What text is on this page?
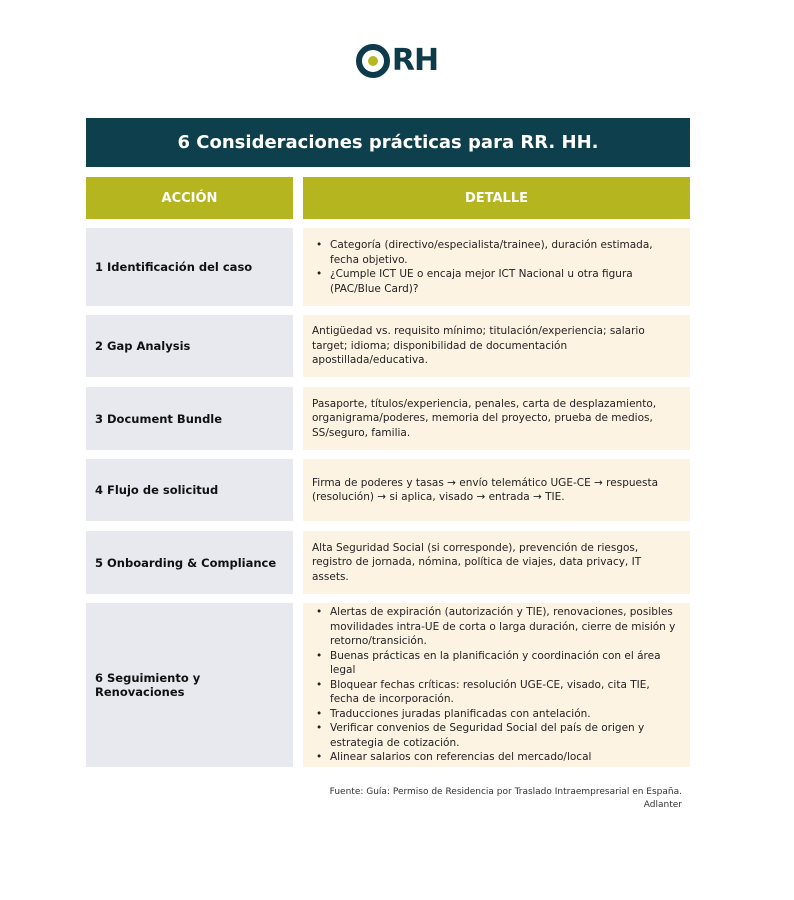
RH
6 Consideraciones prácticas para RR. HH.
ACCIÓN	DETALLE
1 Identificación del caso
• Categoría (directivo/especialista/trainee), duración estimada, fecha objetivo.
• ¿Cumple ICT UE o encaja mejor ICT Nacional u otra figura (PAC/Blue Card)?
2 Gap Analysis

Antigüedad vs. requisito mínimo; titulación/experiencia; salario target; idioma; disponibilidad de documentación apostillada/educativa.

3 Document Bundle

Pasaporte, títulos/experiencia, penales, carta de desplazamiento, organigrama/poderes, memoria del proyecto, prueba de medios, SS/seguro, familia.

4 Flujo de solicitud

Firma de poderes y tasas → envío telemático UGE-CE → respuesta (resolución) → si aplica, visado → entrada → TIE.

5 Onboarding & Compliance

Alta Seguridad Social (si corresponde), prevención de riesgos, registro de jornada, nómina, política de viajes, data privacy, IT assets.

6 Seguimiento y Renovaciones
• Alertas de expiración (autorización y TIE), renovaciones, posibles movilidades intra-UE de corta o larga duración, cierre de misión y retorno/transición.
• Buenas prácticas en la planificación y coordinación con el área legal
• Bloquear fechas críticas: resolución UGE-CE, visado, cita TIE, fecha de incorporación.
• Traducciones juradas planificadas con antelación.
• Verificar convenios de Seguridad Social del país de origen y estrategia de cotización.
• Alinear salarios con referencias del mercado/local
Fuente: Guía: Permiso de Residencia por Traslado Intraempresarial en España.
Adlanter
